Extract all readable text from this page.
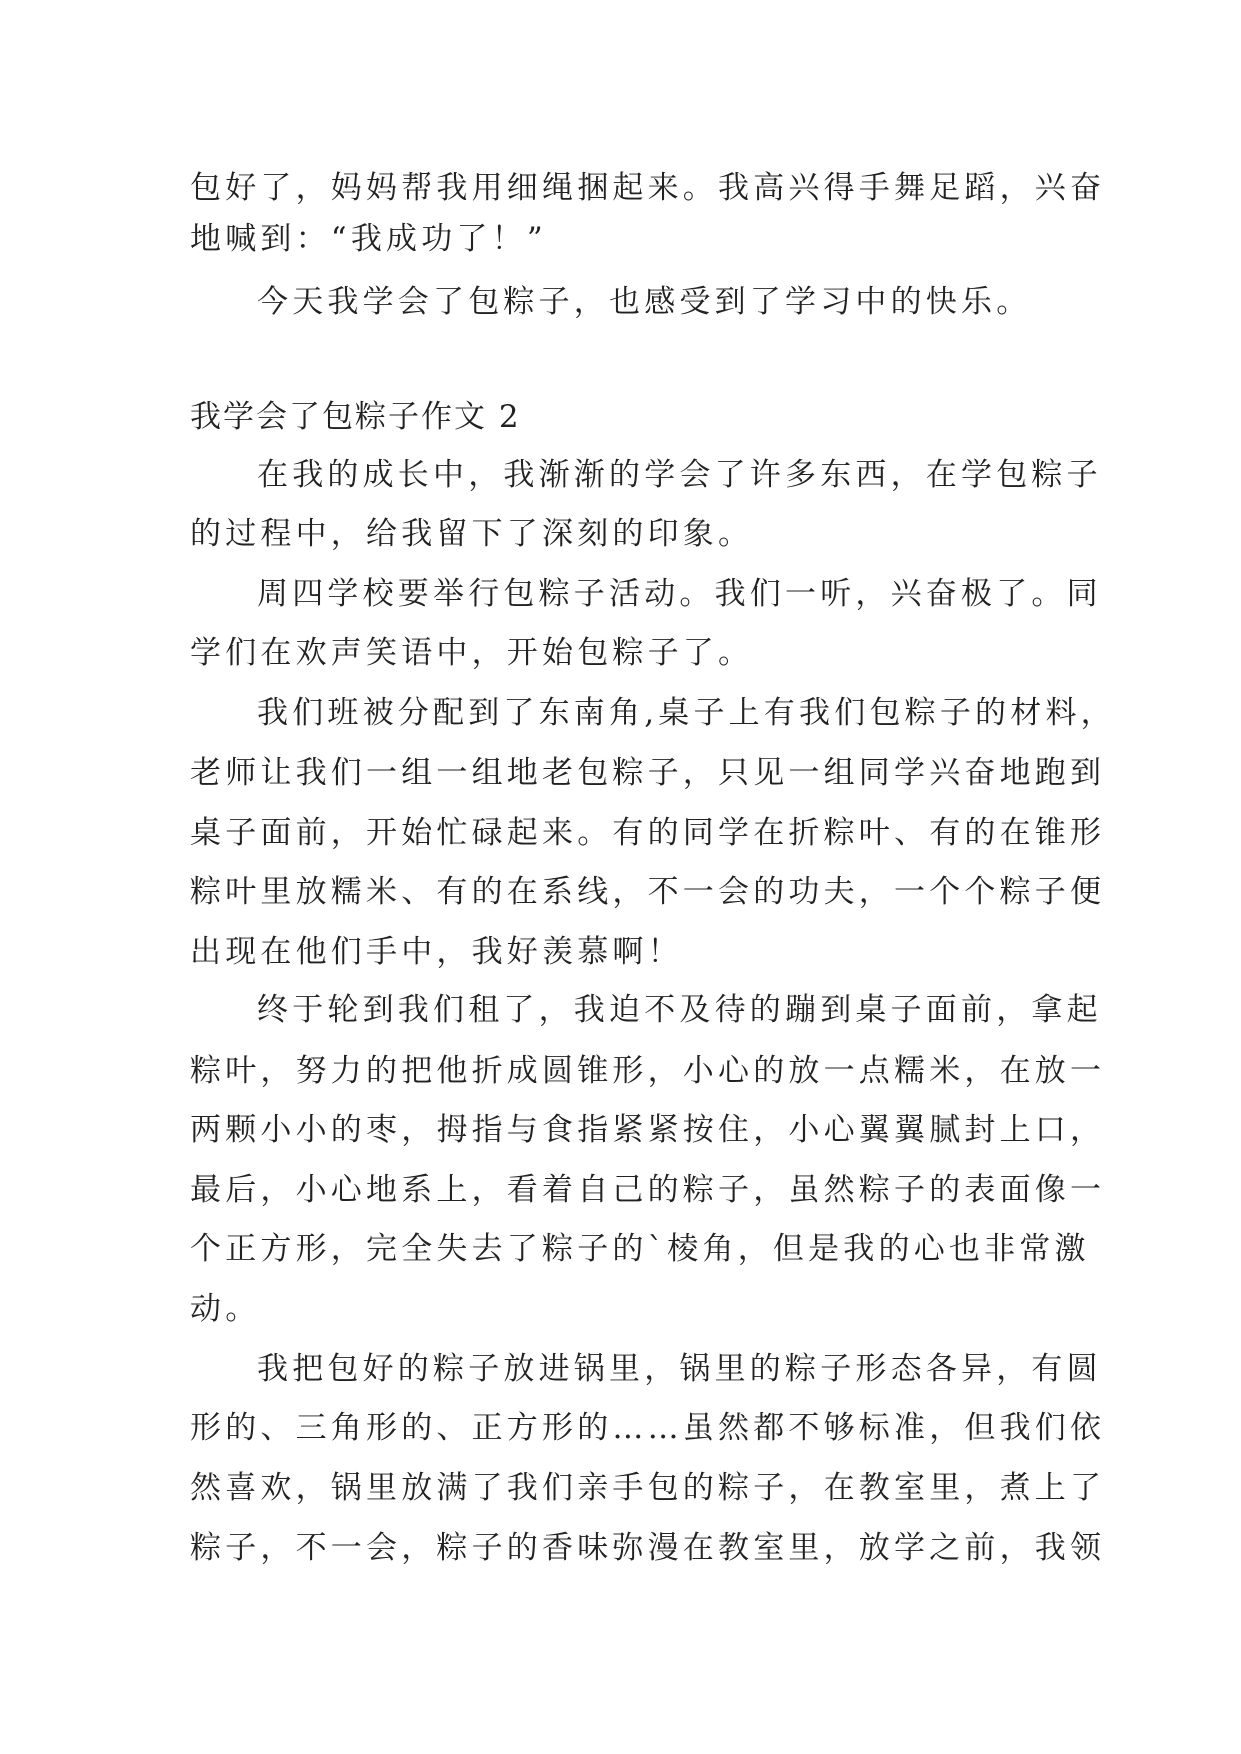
包好了，妈妈帮我用细绳捆起来。我高兴得手舞足蹈，兴奋
地喊到：“我成功了！”
今天我学会了包粽子，也感受到了学习中的快乐。
我学会了包粽子作文 2
在我的成长中，我渐渐的学会了许多东西，在学包粽子
的过程中，给我留下了深刻的印象。
周四学校要举行包粽子活动。我们一听，兴奋极了。同
学们在欢声笑语中，开始包粽子了。
我们班被分配到了东南角,桌子上有我们包粽子的材料，
老师让我们一组一组地老包粽子，只见一组同学兴奋地跑到
桌子面前，开始忙碌起来。有的同学在折粽叶、有的在锥形
粽叶里放糯米、有的在系线，不一会的功夫，一个个粽子便
出现在他们手中，我好羡慕啊！
终于轮到我们租了，我迫不及待的蹦到桌子面前，拿起
粽叶，努力的把他折成圆锥形，小心的放一点糯米，在放一
两颗小小的枣，拇指与食指紧紧按住，小心翼翼腻封上口，
最后，小心地系上，看着自己的粽子，虽然粽子的表面像一
个正方形，完全失去了粽子的`棱角，但是我的心也非常激
动。
我把包好的粽子放进锅里，锅里的粽子形态各异，有圆
形的、三角形的、正方形的……虽然都不够标准，但我们依
然喜欢，锅里放满了我们亲手包的粽子，在教室里，煮上了
粽子，不一会，粽子的香味弥漫在教室里，放学之前，我领
